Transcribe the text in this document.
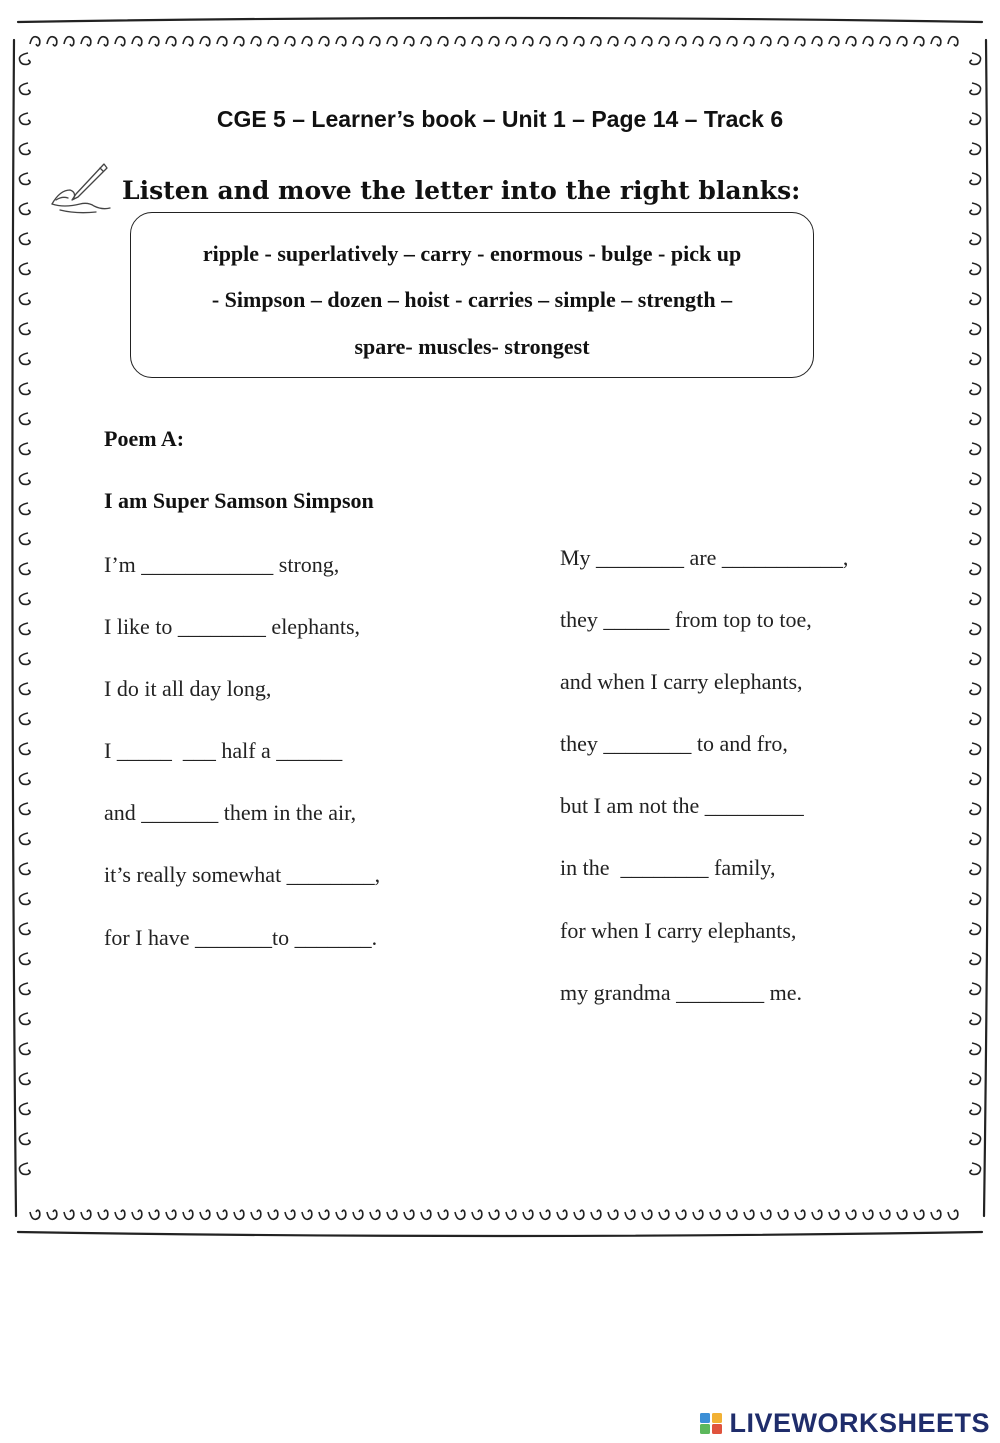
CGE 5 – Learner’s book – Unit 1 – Page 14 – Track 6
Listen and move the letter into the right blanks:
ripple - superlatively – carry - enormous - bulge - pick up
- Simpson – dozen – hoist - carries – simple – strength –
spare- muscles- strongest
Poem A:
I am Super Samson Simpson
I’m ____________ strong,
I like to ________ elephants,
I do it all day long,
I _____  ___ half a ______
and _______ them in the air,
it’s really somewhat ________,
for I have _______to _______.
My ________ are ___________,
they ______ from top to toe,
and when I carry elephants,
they ________ to and fro,
but I am not the _________
in the  ________ family,
for when I carry elephants,
my grandma ________ me.
LIVEWORKSHEETS
